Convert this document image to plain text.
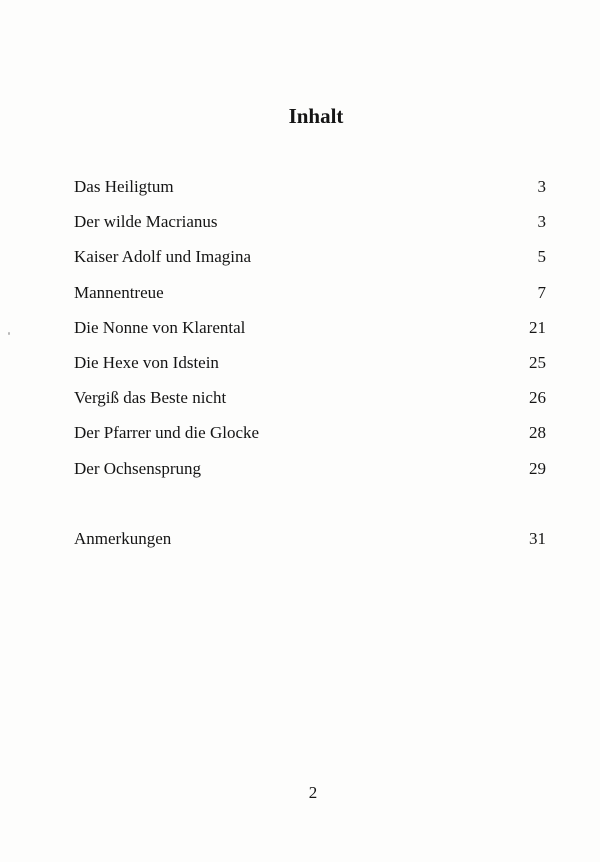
Inhalt
Das Heiligtum	3
Der wilde Macrianus	3
Kaiser Adolf und Imagina	5
Mannentreue	7
Die Nonne von Klarental	21
Die Hexe von Idstein	25
Vergiß das Beste nicht	26
Der Pfarrer und die Glocke	28
Der Ochsensprung	29
Anmerkungen	31
2
